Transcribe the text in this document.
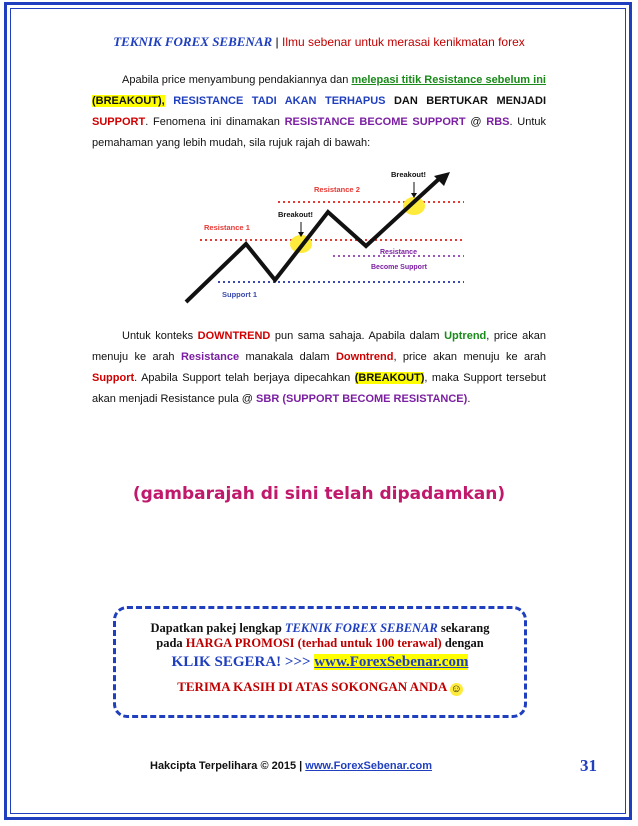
TEKNIK FOREX SEBENAR | Ilmu sebenar untuk merasai kenikmatan forex
Apabila price menyambung pendakiannya dan melepasi titik Resistance sebelum ini (BREAKOUT), RESISTANCE TADI AKAN TERHAPUS DAN BERTUKAR MENJADI SUPPORT. Fenomena ini dinamakan RESISTANCE BECOME SUPPORT @ RBS. Untuk pemahaman yang lebih mudah, sila rujuk rajah di bawah:
Resistance 1
Resistance 2
Breakout!
Breakout!
Resistance
Become Support
Support 1
Untuk konteks DOWNTREND pun sama sahaja. Apabila dalam Uptrend, price akan menuju ke arah Resistance manakala dalam Downtrend, price akan menuju ke arah Support. Apabila Support telah berjaya dipecahkan (BREAKOUT), maka Support tersebut akan menjadi Resistance pula @ SBR (SUPPORT BECOME RESISTANCE).
(gambarajah di sini telah dipadamkan)
Dapatkan pakej lengkap TEKNIK FOREX SEBENAR sekarang
pada HARGA PROMOSI (terhad untuk 100 terawal) dengan
KLIK SEGERA! >>> www.ForexSebenar.com
TERIMA KASIH DI ATAS SOKONGAN ANDA ☺
Hakcipta Terpelihara © 2015 | www.ForexSebenar.com	31
